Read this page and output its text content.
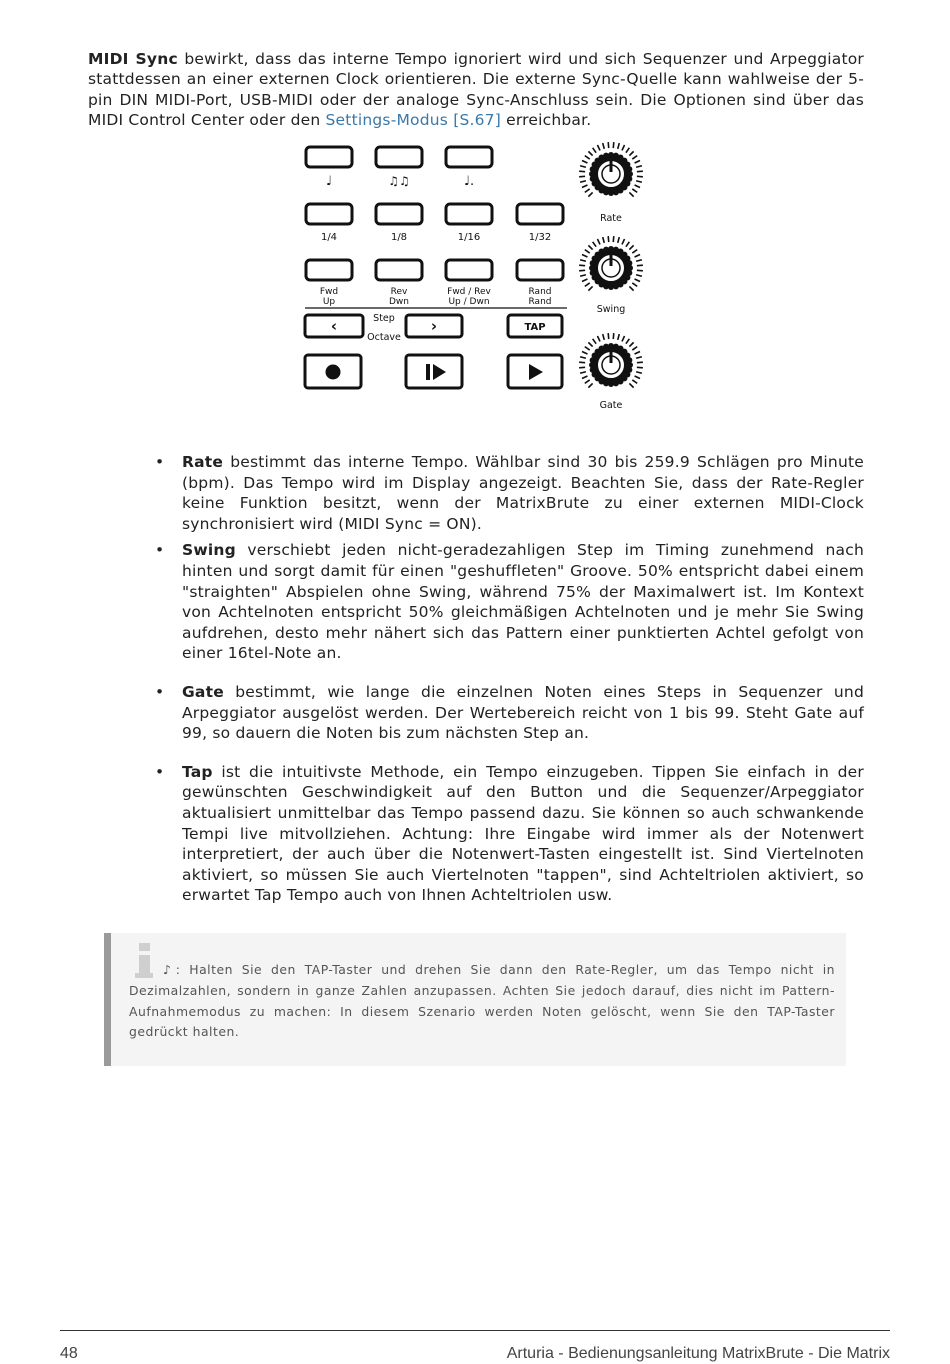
MIDI Sync bewirkt, dass das interne Tempo ignoriert wird und sich Sequenzer und Arpeggiator stattdessen an einer externen Clock orientieren. Die externe Sync-Quelle kann wahlweise der 5-pin DIN MIDI-Port, USB-MIDI oder der analoge Sync-Anschluss sein. Die Optionen sind über das MIDI Control Center oder den Settings-Modus [S.67] erreichbar.

♩	♫♫	♩.
1/4	1/8	1/16	1/32
Fwd
Up
Rev
Dwn
Fwd / Rev
Up / Dwn
Rand
Rand
Step
Octave
‹	›	TAP
Rate
Swing
Gate
• Rate bestimmt das interne Tempo. Wählbar sind 30 bis 259.9 Schlägen pro Minute (bpm). Das Tempo wird im Display angezeigt. Beachten Sie, dass der Rate-Regler keine Funktion besitzt, wenn der MatrixBrute zu einer externen MIDI-Clock synchronisiert wird (MIDI Sync = ON).
• Swing verschiebt jeden nicht-geradezahligen Step im Timing zunehmend nach hinten und sorgt damit für einen "geshuffleten" Groove. 50% entspricht dabei einem "straighten" Abspielen ohne Swing, während 75% der Maximalwert ist. Im Kontext von Achtelnoten entspricht 50% gleichmäßigen Achtelnoten und je mehr Sie Swing aufdrehen, desto mehr nähert sich das Pattern einer punktierten Achtel gefolgt von einer 16tel-Note an.
• Gate bestimmt, wie lange die einzelnen Noten eines Steps in Sequenzer und Arpeggiator ausgelöst werden. Der Wertebereich reicht von 1 bis 99. Steht Gate auf 99, so dauern die Noten bis zum nächsten Step an.
• Tap ist die intuitivste Methode, ein Tempo einzugeben. Tippen Sie einfach in der gewünschten Geschwindigkeit auf den Button und die Sequenzer/Arpeggiator aktualisiert unmittelbar das Tempo passend dazu. Sie können so auch schwankende Tempi live mitvollziehen. Achtung: Ihre Eingabe wird immer als der Notenwert interpretiert, der auch über die Notenwert-Tasten eingestellt ist. Sind Viertelnoten aktiviert, so müssen Sie auch Viertelnoten "tappen", sind Achteltriolen aktiviert, so erwartet Tap Tempo auch von Ihnen Achteltriolen usw.
♪: Halten Sie den TAP-Taster und drehen Sie dann den Rate-Regler, um das Tempo nicht in Dezimalzahlen, sondern in ganze Zahlen anzupassen. Achten Sie jedoch darauf, dies nicht im Pattern-Aufnahmemodus zu machen: In diesem Szenario werden Noten gelöscht, wenn Sie den TAP-Taster gedrückt halten.
48	Arturia - Bedienungsanleitung MatrixBrute - Die Matrix
